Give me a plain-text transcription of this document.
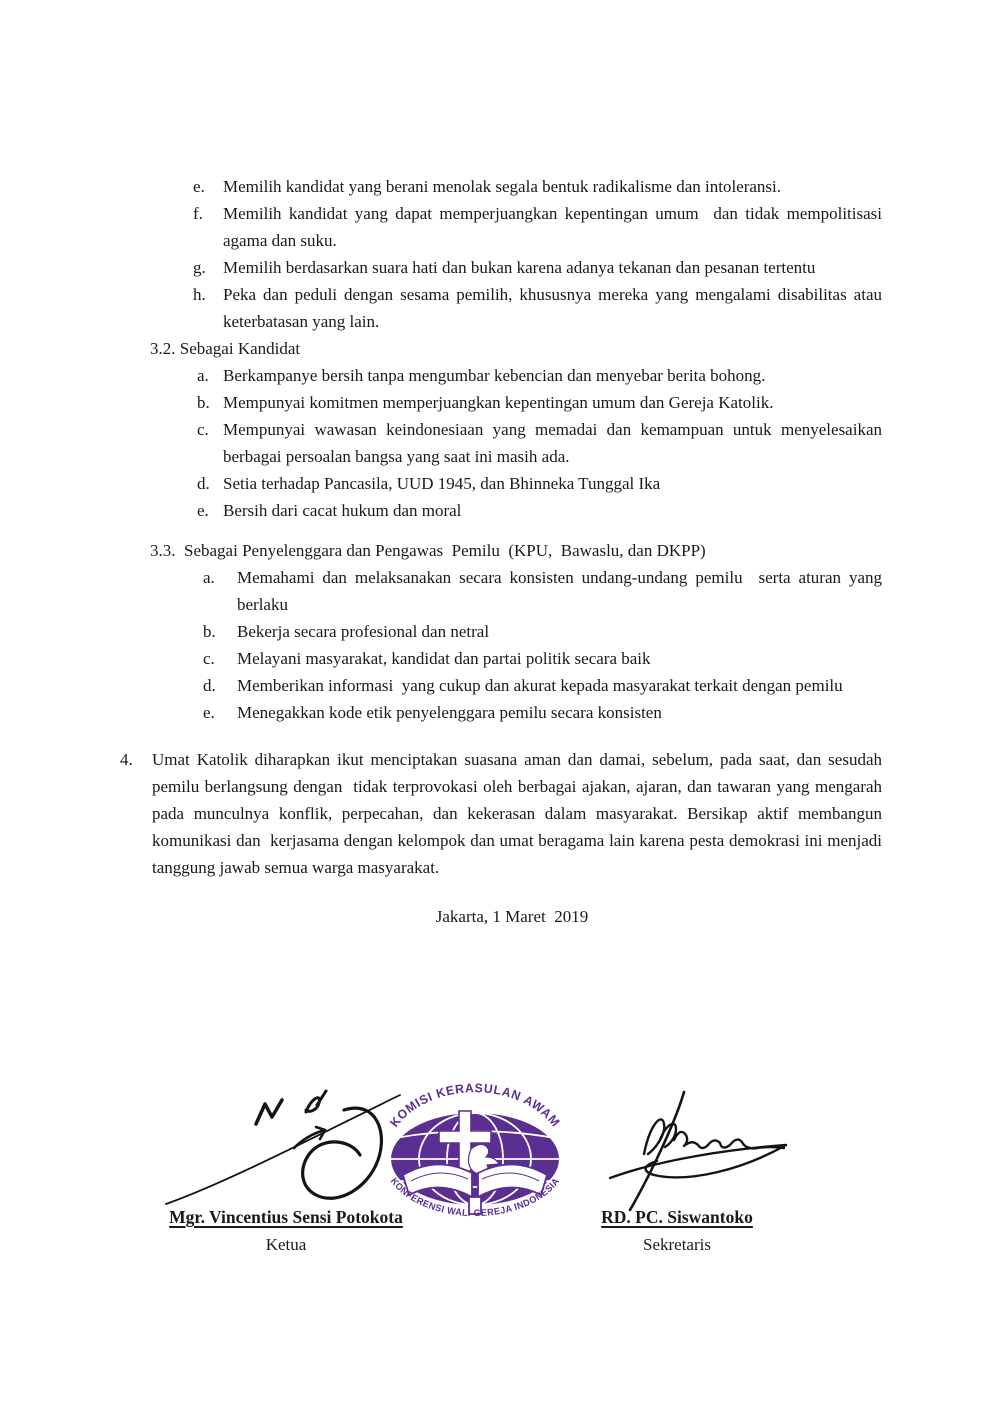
e.	Memilih kandidat yang berani menolak segala bentuk radikalisme dan intoleransi.
f.	Memilih kandidat yang dapat memperjuangkan kepentingan umum  dan tidak mempolitisasi agama dan suku.
g.	Memilih berdasarkan suara hati dan bukan karena adanya tekanan dan pesanan tertentu
h.	Peka dan peduli dengan sesama pemilih, khususnya mereka yang mengalami disabilitas atau keterbatasan yang lain.
3.2. Sebagai Kandidat
a. Berkampanye bersih tanpa mengumbar kebencian dan menyebar berita bohong.
b. Mempunyai komitmen memperjuangkan kepentingan umum dan Gereja Katolik.
c. Mempunyai wawasan keindonesiaan yang memadai dan kemampuan untuk menyelesaikan berbagai persoalan bangsa yang saat ini masih ada.
d. Setia terhadap Pancasila, UUD 1945, dan Bhinneka Tunggal Ika
e. Bersih dari cacat hukum dan moral
3.3.  Sebagai Penyelenggara dan Pengawas  Pemilu  (KPU,  Bawaslu, dan DKPP)
a.	Memahami dan melaksanakan secara konsisten undang-undang pemilu  serta aturan yang berlaku
b.	Bekerja secara profesional dan netral
c.	Melayani masyarakat, kandidat dan partai politik secara baik
d.	Memberikan informasi  yang cukup dan akurat kepada masyarakat terkait dengan pemilu
e.	Menegakkan kode etik penyelenggara pemilu secara konsisten
4.	Umat Katolik diharapkan ikut menciptakan suasana aman dan damai, sebelum, pada saat, dan sesudah pemilu berlangsung dengan  tidak terprovokasi oleh berbagai ajakan, ajaran, dan tawaran yang mengarah pada munculnya konflik, perpecahan, dan kekerasan dalam masyarakat. Bersikap aktif membangun komunikasi dan  kerjasama dengan kelompok dan umat beragama lain karena pesta demokrasi ini menjadi tanggung jawab semua warga masyarakat.
Jakarta, 1 Maret  2019
KOMISI KERASULAN AWAM
KONFERENSI WALI GEREJA INDONESIA
Mgr. Vincentius Sensi Potokota
Ketua
RD. PC. Siswantoko
Sekretaris
